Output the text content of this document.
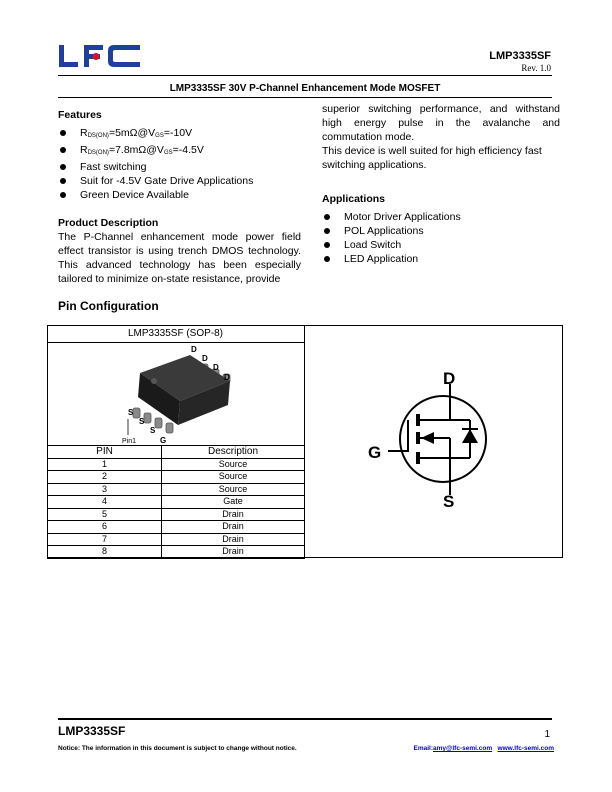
LMP3335SF
Rev. 1.0
LMP3335SF 30V P-Channel Enhancement Mode MOSFET
Features
$R_{DS(ON)}=5m\Omega@V_{GS}=-10V$
$R_{DS(ON)}=7.8m\Omega@V_{GS}=-4.5V$
Fast switching
Suit for -4.5V Gate Drive Applications
Green Device Available
Product Description
The P-Channel enhancement mode power field effect transistor is using trench DMOS technology. This advanced technology has been especially tailored to minimize on-state resistance, provide
superior switching performance, and withstand high energy pulse in the avalanche and commutation mode.
This device is well suited for high efficiency fast switching applications.
Applications
Motor Driver Applications
POL Applications
Load Switch
LED Application
Pin Configuration
LMP3335SF (SOP-8)
D
D
D
D
S
S
S
G
Pin1
PIN	Description
1	Source
2	Source
3	Source
4	Gate
5	Drain
6	Drain
7	Drain
8	Drain
D
G
S
LMP3335SF	1
Notice: The information in this document is subject to change without notice.	Email:amy@lfc-semi.com www.lfc-semi.com
